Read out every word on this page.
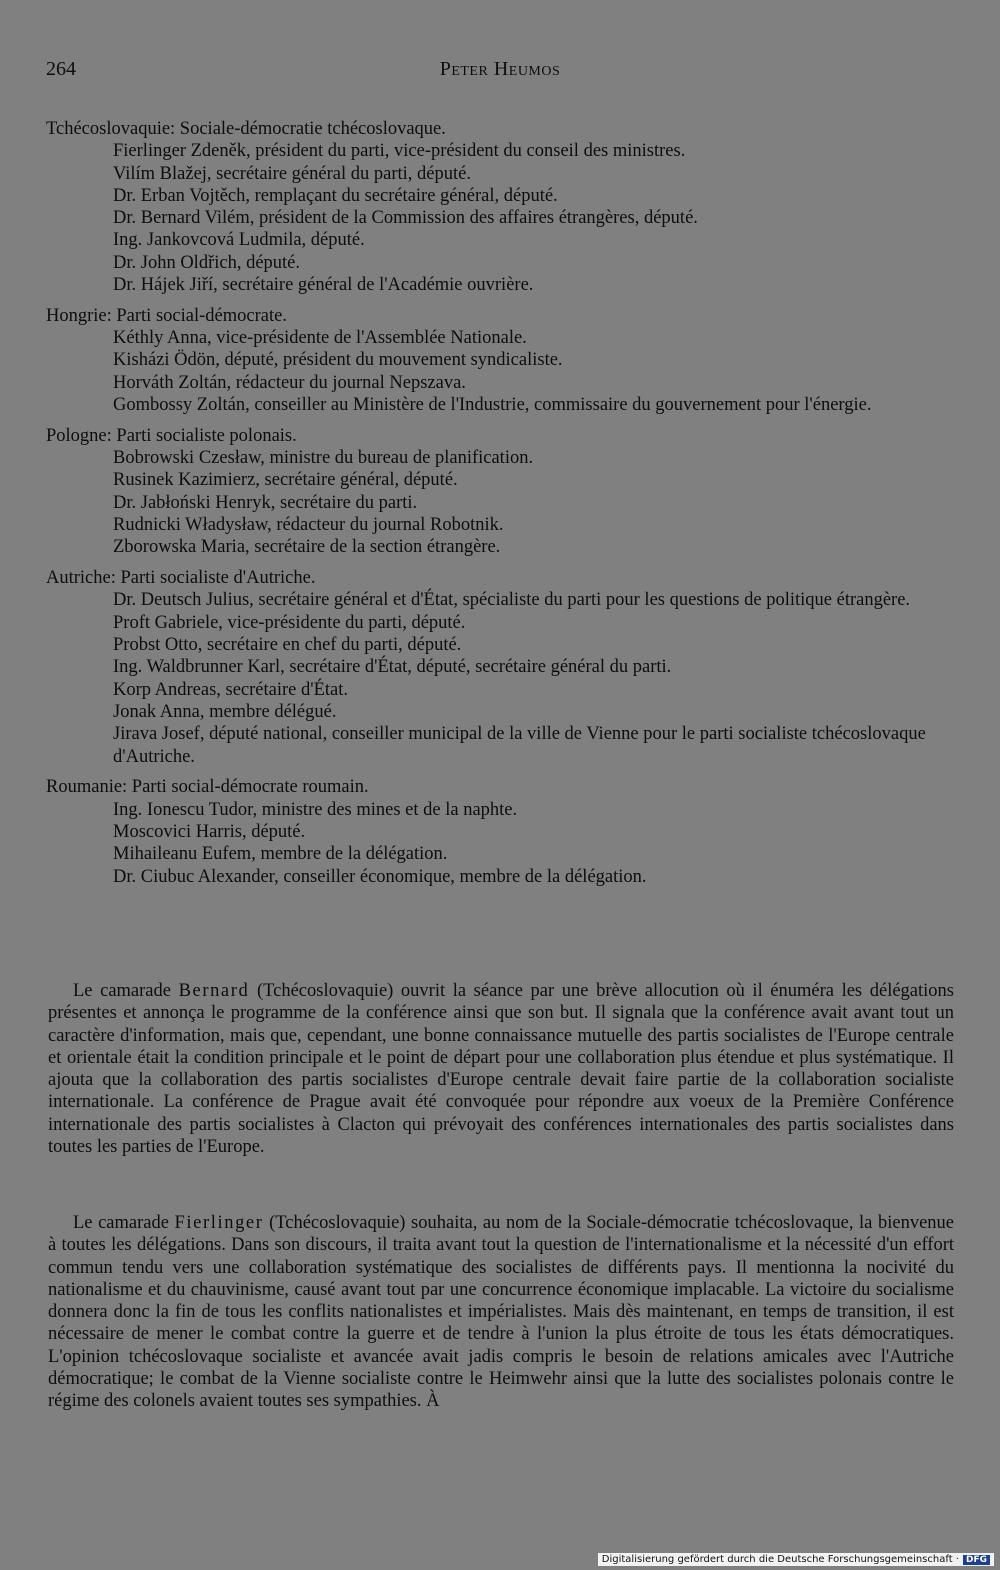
264	Peter Heumos

Tchécoslovaquie: Sociale-démocratie tchécoslovaque.

Fierlinger Zdeněk, président du parti, vice-président du conseil des ministres.

Vilím Blažej, secrétaire général du parti, député.

Dr. Erban Vojtěch, remplaçant du secrétaire général, député.

Dr. Bernard Vilém, président de la Commission des affaires étrangères, député.

Ing. Jankovcová Ludmila, député.

Dr. John Oldřich, député.

Dr. Hájek Jiří, secrétaire général de l'Académie ouvrière.

Hongrie: Parti social-démocrate.

Kéthly Anna, vice-présidente de l'Assemblée Nationale.

Kisházi Ödön, député, président du mouvement syndicaliste.

Horváth Zoltán, rédacteur du journal Nepszava.

Gombossy Zoltán, conseiller au Ministère de l'Industrie, commissaire du gouvernement pour l'énergie.

Pologne: Parti socialiste polonais.

Bobrowski Czesław, ministre du bureau de planification.

Rusinek Kazimierz, secrétaire général, député.

Dr. Jabłoński Henryk, secrétaire du parti.

Rudnicki Władysław, rédacteur du journal Robotnik.

Zborowska Maria, secrétaire de la section étrangère.

Autriche: Parti socialiste d'Autriche.

Dr. Deutsch Julius, secrétaire général et d'État, spécialiste du parti pour les questions de politique étrangère.

Proft Gabriele, vice-présidente du parti, député.

Probst Otto, secrétaire en chef du parti, député.

Ing. Waldbrunner Karl, secrétaire d'État, député, secrétaire général du parti.

Korp Andreas, secrétaire d'État.

Jonak Anna, membre délégué.

Jirava Josef, député national, conseiller municipal de la ville de Vienne pour le parti socialiste tchécoslovaque d'Autriche.

Roumanie: Parti social-démocrate roumain.

Ing. Ionescu Tudor, ministre des mines et de la naphte.

Moscovici Harris, député.

Mihaileanu Eufem, membre de la délégation.

Dr. Ciubuc Alexander, conseiller économique, membre de la délégation.

Le camarade Bernard (Tchécoslovaquie) ouvrit la séance par une brève allocution où il énuméra les délégations présentes et annonça le programme de la conférence ainsi que son but. Il signala que la conférence avait avant tout un caractère d'information, mais que, cependant, une bonne connaissance mutuelle des partis socialistes de l'Europe centrale et orientale était la condition principale et le point de départ pour une collaboration plus étendue et plus systématique. Il ajouta que la collaboration des partis socialistes d'Europe centrale devait faire partie de la collaboration socialiste internationale. La conférence de Prague avait été convoquée pour répondre aux voeux de la Première Conférence internationale des partis socialistes à Clacton qui prévoyait des conférences internationales des partis socialistes dans toutes les parties de l'Europe.

Le camarade Fierlinger (Tchécoslovaquie) souhaita, au nom de la Sociale-démocratie tchécoslovaque, la bienvenue à toutes les délégations. Dans son discours, il traita avant tout la question de l'internationalisme et la nécessité d'un effort commun tendu vers une collaboration systématique des socialistes de différents pays. Il mentionna la nocivité du nationalisme et du chauvinisme, causé avant tout par une concurrence économique implacable. La victoire du socialisme donnera donc la fin de tous les conflits nationalistes et impérialistes. Mais dès maintenant, en temps de transition, il est nécessaire de mener le combat contre la guerre et de tendre à l'union la plus étroite de tous les états démocratiques. L'opinion tchécoslovaque socialiste et avancée avait jadis compris le besoin de relations amicales avec l'Autriche démocratique; le combat de la Vienne socialiste contre le Heimwehr ainsi que la lutte des socialistes polonais contre le régime des colonels avaient toutes ses sympathies. À

Digitalisierung gefördert durch die Deutsche Forschungsgemeinschaft · DFG
